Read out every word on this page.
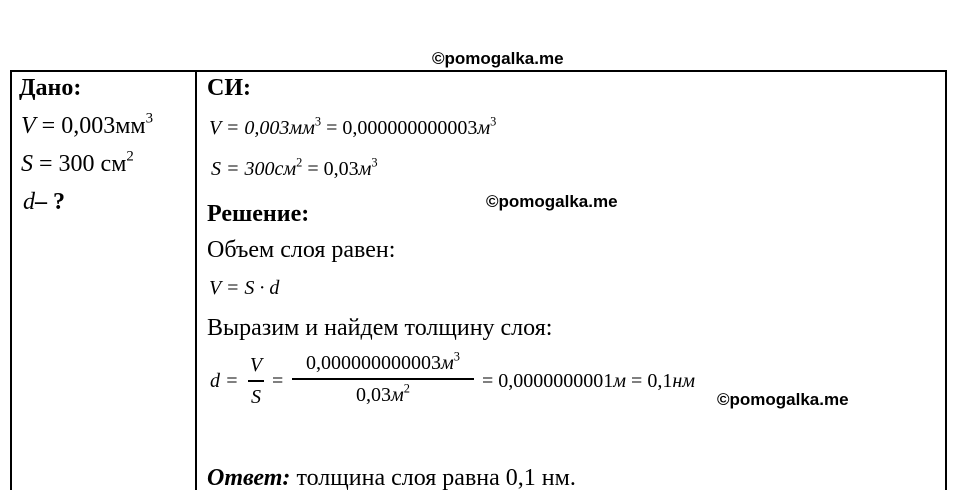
©pomogalka.me
©pomogalka.me
©pomogalka.me
Дано:
$V = 0,003мм^3$
S = 300 $см^2$
d– ?
СИ:
$V = 0,003мм^3 = 0,000000000003м^3$
$S = 300см^2 = 0,03м^3$
Решение:
Объем слоя равен:
V = S · d
Выразим и найдем толщину слоя:
d =
V
S
=
$0,000000000003м^3$
$0,03м^2$	= 0,0000000001м = 0,1нм
Ответ: толщина слоя равна 0,1 нм.
